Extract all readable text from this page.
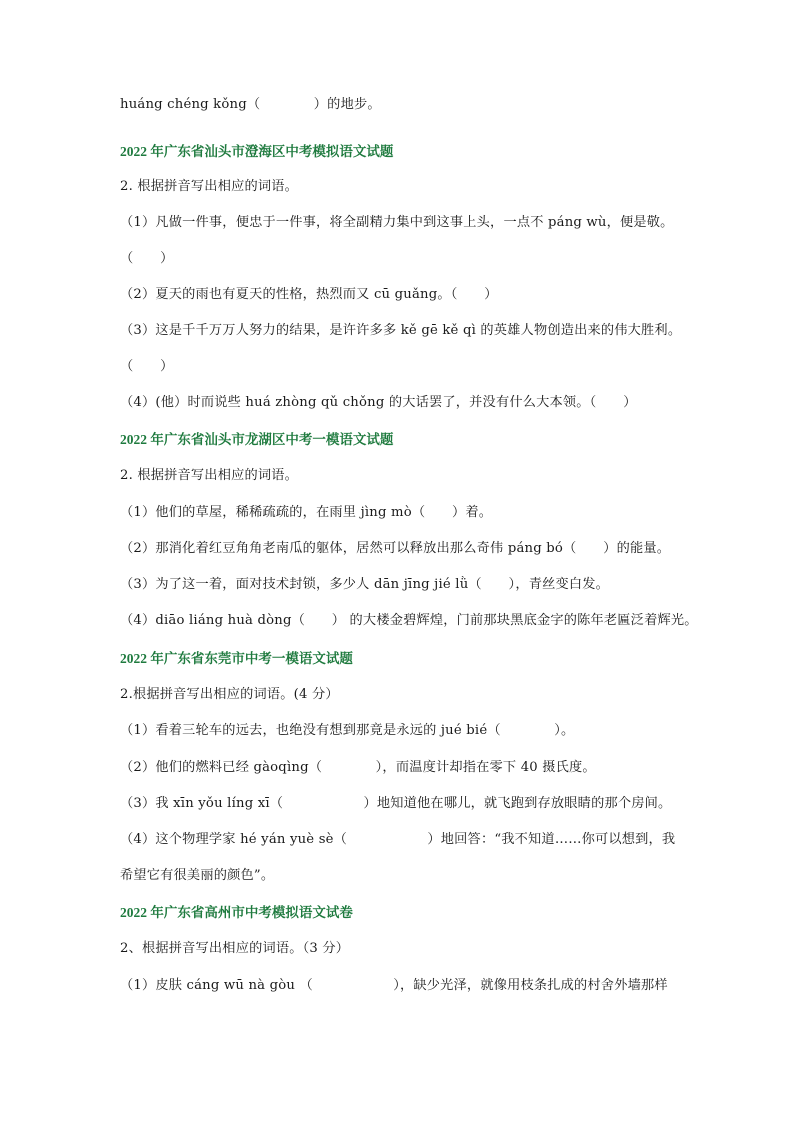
huáng chéng kǒng（　　　　）的地步。
2022 年广东省汕头市澄海区中考模拟语文试题
2. 根据拼音写出相应的词语。
（1）凡做一件事，便忠于一件事，将全副精力集中到这事上头，一点不 páng wù，便是敬。
（　　）
（2）夏天的雨也有夏天的性格，热烈而又 cū guǎng。（　　）
（3）这是千千万万人努力的结果，是许许多多 kě gē kě qì 的英雄人物创造出来的伟大胜利。
（　　）
（4）(他）时而说些 huá zhòng qǔ chǒng 的大话罢了，并没有什么大本领。（　　）
2022 年广东省汕头市龙湖区中考一模语文试题
2. 根据拼音写出相应的词语。
（1）他们的草屋，稀稀疏疏的，在雨里 jìng mò（　　）着。
（2）那消化着红豆角角老南瓜的躯体，居然可以释放出那么奇伟 páng bó（　　）的能量。
（3）为了这一着，面对技术封锁，多少人 dān jīng jié lǜ（　　），青丝变白发。
（4）diāo liáng huà dòng（　　） 的大楼金碧辉煌，门前那块黑底金字的陈年老匾泛着辉光。
2022 年广东省东莞市中考一模语文试题
2.根据拼音写出相应的词语。(4 分）
（1）看着三轮车的远去，也绝没有想到那竟是永远的 jué bié（　　　　）。
（2）他们的燃料已经 gàoqìng（　　　　），而温度计却指在零下 40 摄氏度。
（3）我 xīn yǒu líng xī（　　　　　　）地知道他在哪儿，就飞跑到存放眼睛的那个房间。
（4）这个物理学家 hé yán yuè sè（　　　　　　）地回答：“我不知道……你可以想到，我
希望它有很美丽的颜色”。
2022 年广东省高州市中考模拟语文试卷
2、根据拼音写出相应的词语。（3 分）
（1）皮肤 cáng wū nà gòu （　　　　　　），缺少光泽，就像用枝条扎成的村舍外墙那样
